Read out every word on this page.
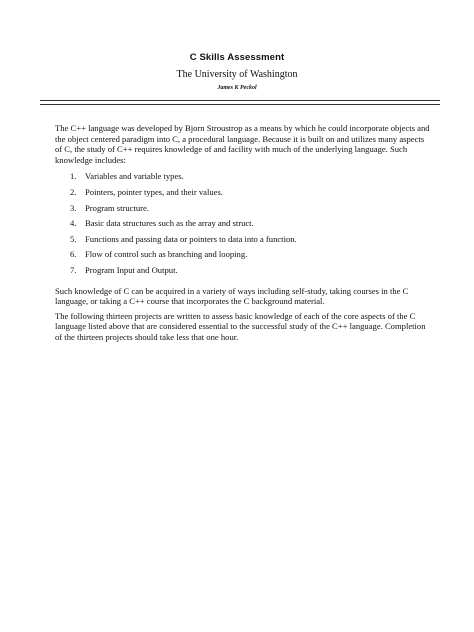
C Skills Assessment
The University of Washington
James K Peckol

The C++ language was developed by Bjorn Stroustrop as a means by which he could incorporate objects and the object centered paradigm into C, a procedural language. Because it is built on and utilizes many aspects of C, the study of C++ requires knowledge of and facility with much of the underlying language. Such knowledge includes:

1. Variables and variable types.
2. Pointers, pointer types, and their values.
3. Program structure.
4. Basic data structures such as the array and struct.
5. Functions and passing data or pointers to data into a function.
6. Flow of control such as branching and looping.
7. Program Input and Output.

Such knowledge of C can be acquired in a variety of ways including self-study, taking courses in the C language, or taking a C++ course that incorporates the C background material.

The following thirteen projects are written to assess basic knowledge of each of the core aspects of the C language listed above that are considered essential to the successful study of the C++ language. Completion of the thirteen projects should take less that one hour.
